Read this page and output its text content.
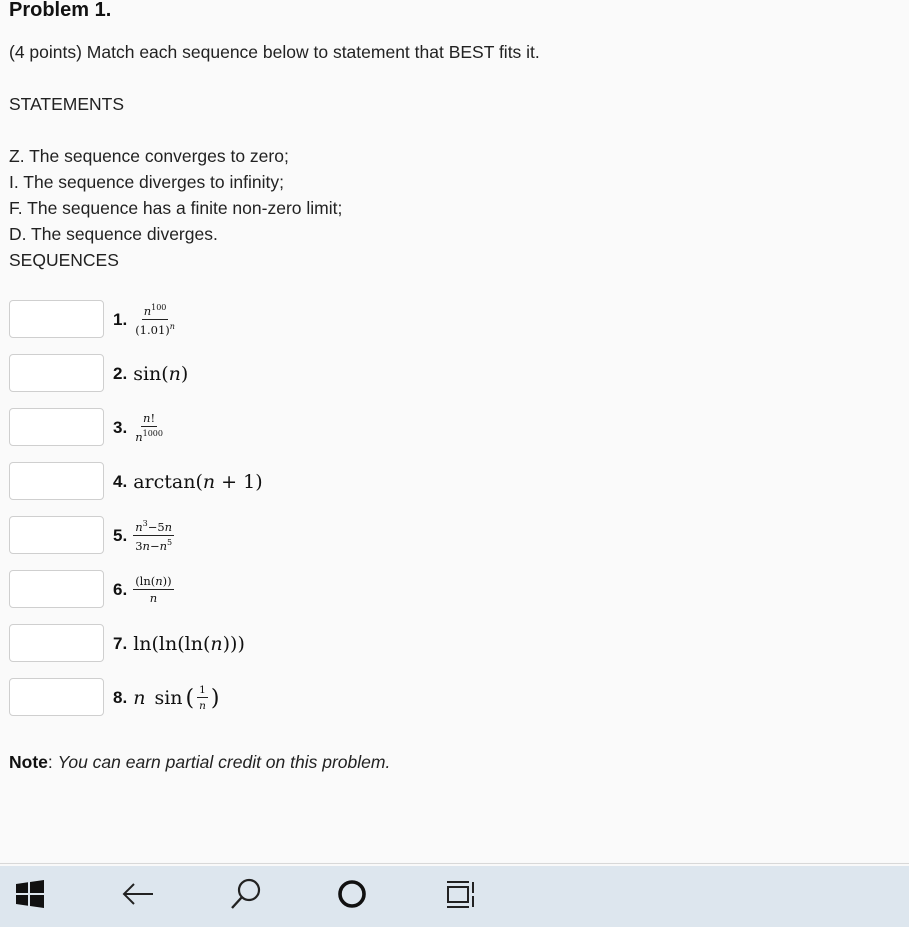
Problem 1.
(4 points) Match each sequence below to statement that BEST fits it.
STATEMENTS
Z. The sequence converges to zero;
I. The sequence diverges to infinity;
F. The sequence has a finite non-zero limit;
D. The sequence diverges.
SEQUENCES
1. $\frac{n^{100}}{(1.01)^n}$
2. sin(n)
3. $\frac{n!}{n^{1000}}$
4. arctan(n + 1)
5. $\frac{n^3-5n}{3n-n^5}$
6. $\frac{(\ln(n))}{n}$
7. ln(ln(ln(n)))
8. n sin ( $\frac{1}{n}$ )
Note: You can earn partial credit on this problem.
